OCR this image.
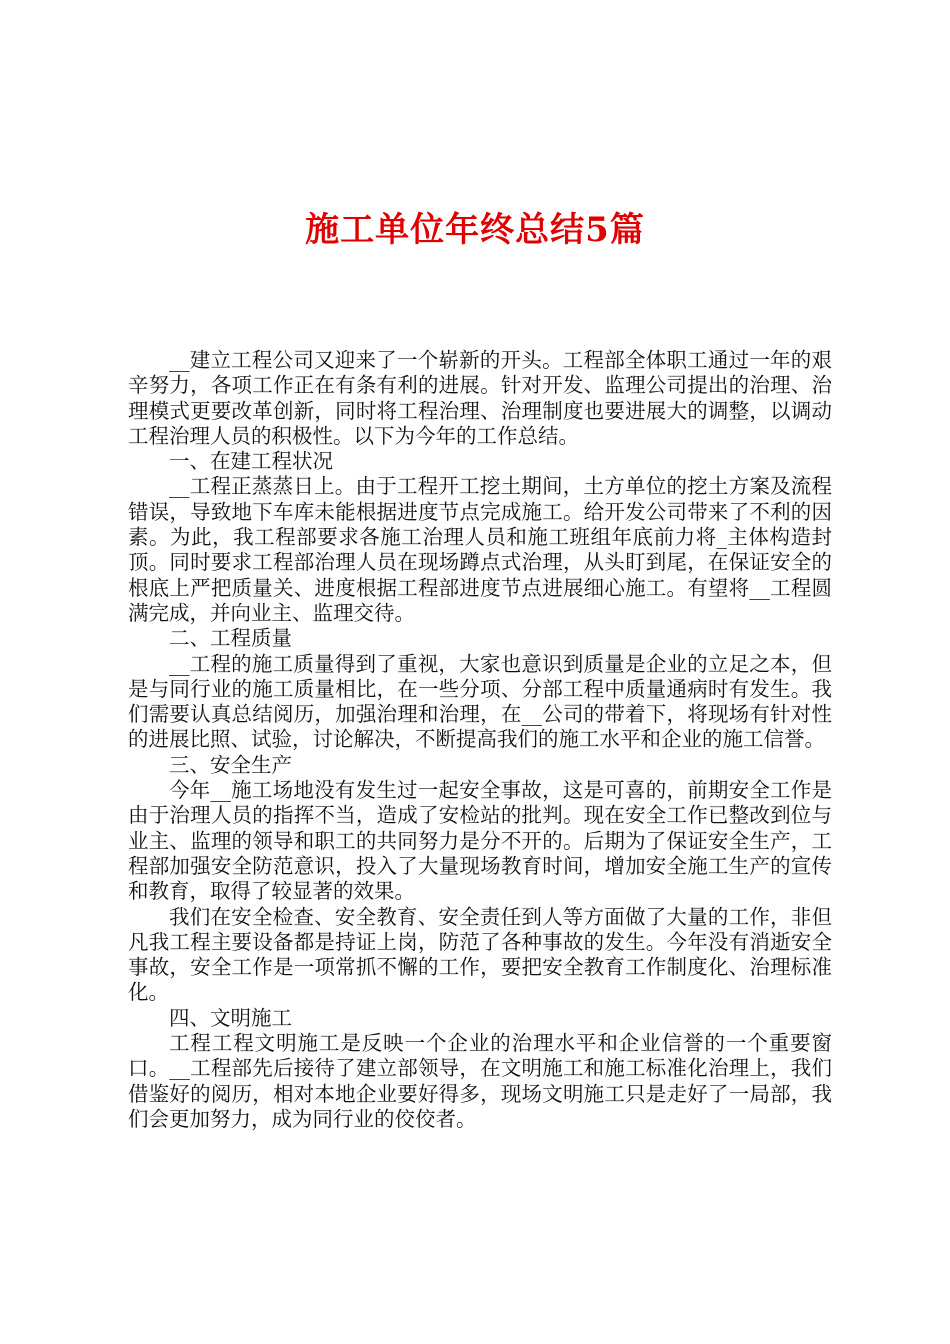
施工单位年终总结5篇

__建立工程公司又迎来了一个崭新的开头。工程部全体职工通过一年的艰辛努力，各项工作正在有条有利的进展。针对开发、监理公司提出的治理、治理模式更要改革创新，同时将工程治理、治理制度也要进展大的调整，以调动工程治理人员的积极性。以下为今年的工作总结。

一、在建工程状况

__工程正蒸蒸日上。由于工程开工挖土期间，土方单位的挖土方案及流程错误，导致地下车库未能根据进度节点完成施工。给开发公司带来了不利的因素。为此，我工程部要求各施工治理人员和施工班组年底前力将_主体构造封顶。同时要求工程部治理人员在现场蹲点式治理，从头盯到尾，在保证安全的根底上严把质量关、进度根据工程部进度节点进展细心施工。有望将__工程圆满完成，并向业主、监理交待。

二、工程质量

__工程的施工质量得到了重视，大家也意识到质量是企业的立足之本，但是与同行业的施工质量相比，在一些分项、分部工程中质量通病时有发生。我们需要认真总结阅历，加强治理和治理，在__公司的带着下，将现场有针对性的进展比照、试验，讨论解决，不断提高我们的施工水平和企业的施工信誉。

三、安全生产

今年__施工场地没有发生过一起安全事故，这是可喜的，前期安全工作是由于治理人员的指挥不当，造成了安检站的批判。现在安全工作已整改到位与业主、监理的领导和职工的共同努力是分不开的。后期为了保证安全生产，工程部加强安全防范意识，投入了大量现场教育时间，增加安全施工生产的宣传和教育，取得了较显著的效果。

我们在安全检查、安全教育、安全责任到人等方面做了大量的工作，非但凡我工程主要设备都是持证上岗，防范了各种事故的发生。今年没有消逝安全事故，安全工作是一项常抓不懈的工作，要把安全教育工作制度化、治理标准化。

四、文明施工

工程工程文明施工是反映一个企业的治理水平和企业信誉的一个重要窗口。__工程部先后接待了建立部领导，在文明施工和施工标准化治理上，我们借鉴好的阅历，相对本地企业要好得多，现场文明施工只是走好了一局部，我们会更加努力，成为同行业的佼佼者。
